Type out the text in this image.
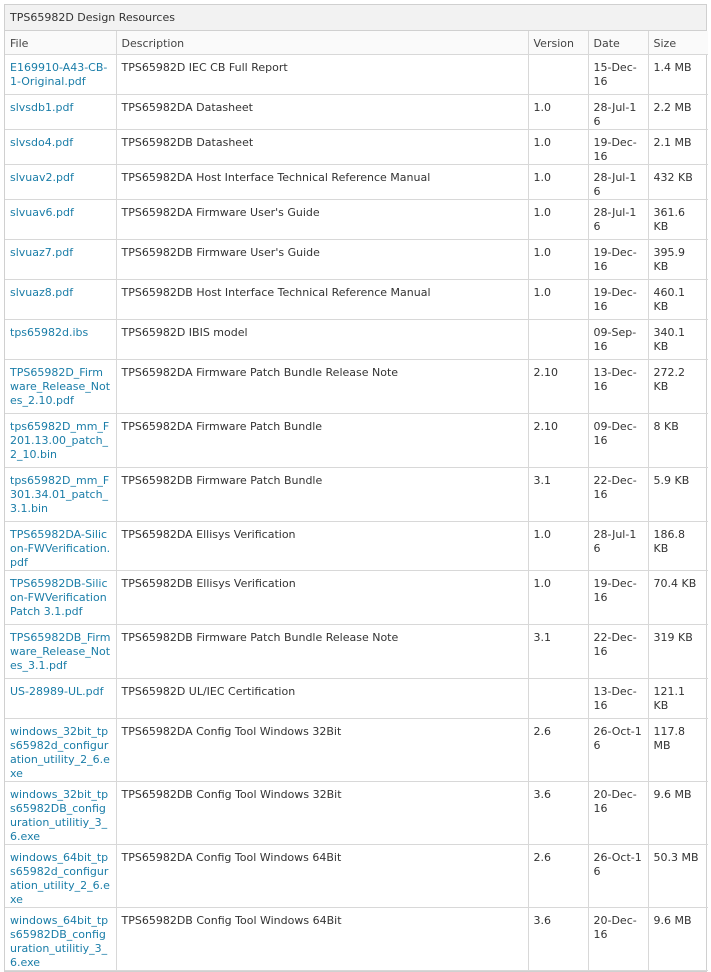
TPS65982D Design Resources
File	Description	Version	Date	Size
E169910-A43-CB-1-Original.pdf	TPS65982D IEC CB Full Report		15-Dec-16	1.4 MB
slvsdb1.pdf	TPS65982DA Datasheet	1.0	28-Jul-16	2.2 MB
slvsdo4.pdf	TPS65982DB Datasheet	1.0	19-Dec-16	2.1 MB
slvuav2.pdf	TPS65982DA Host Interface Technical Reference Manual	1.0	28-Jul-16	432 KB
slvuav6.pdf	TPS65982DA Firmware User's Guide	1.0	28-Jul-16	361.6 KB
slvuaz7.pdf	TPS65982DB Firmware User's Guide	1.0	19-Dec-16	395.9 KB
slvuaz8.pdf	TPS65982DB Host Interface Technical Reference Manual	1.0	19-Dec-16	460.1 KB
tps65982d.ibs	TPS65982D IBIS model		09-Sep-16	340.1 KB
TPS65982D_Firmware_Release_Notes_2.10.pdf	TPS65982DA Firmware Patch Bundle Release Note	2.10	13-Dec-16	272.2 KB
tps65982D_mm_F201.13.00_patch_2_10.bin	TPS65982DA Firmware Patch Bundle	2.10	09-Dec-16	8 KB
tps65982D_mm_F301.34.01_patch_3.1.bin	TPS65982DB Firmware Patch Bundle	3.1	22-Dec-16	5.9 KB
TPS65982DA-Silicon-FWVerification.pdf	TPS65982DA Ellisys Verification	1.0	28-Jul-16	186.8 KB
TPS65982DB-Silicon-FWVerification Patch 3.1.pdf	TPS65982DB Ellisys Verification	1.0	19-Dec-16	70.4 KB
TPS65982DB_Firmware_Release_Notes_3.1.pdf	TPS65982DB Firmware Patch Bundle Release Note	3.1	22-Dec-16	319 KB
US-28989-UL.pdf	TPS65982D UL/IEC Certification		13-Dec-16	121.1 KB
windows_32bit_tps65982d_configuration_utility_2_6.exe	TPS65982DA Config Tool Windows 32Bit	2.6	26-Oct-16	117.8 MB
windows_32bit_tps65982DB_configuration_utilitiy_3_6.exe	TPS65982DB Config Tool Windows 32Bit	3.6	20-Dec-16	9.6 MB
windows_64bit_tps65982d_configuration_utility_2_6.exe	TPS65982DA Config Tool Windows 64Bit	2.6	26-Oct-16	50.3 MB
windows_64bit_tps65982DB_configuration_utilitiy_3_6.exe	TPS65982DB Config Tool Windows 64Bit	3.6	20-Dec-16	9.6 MB
